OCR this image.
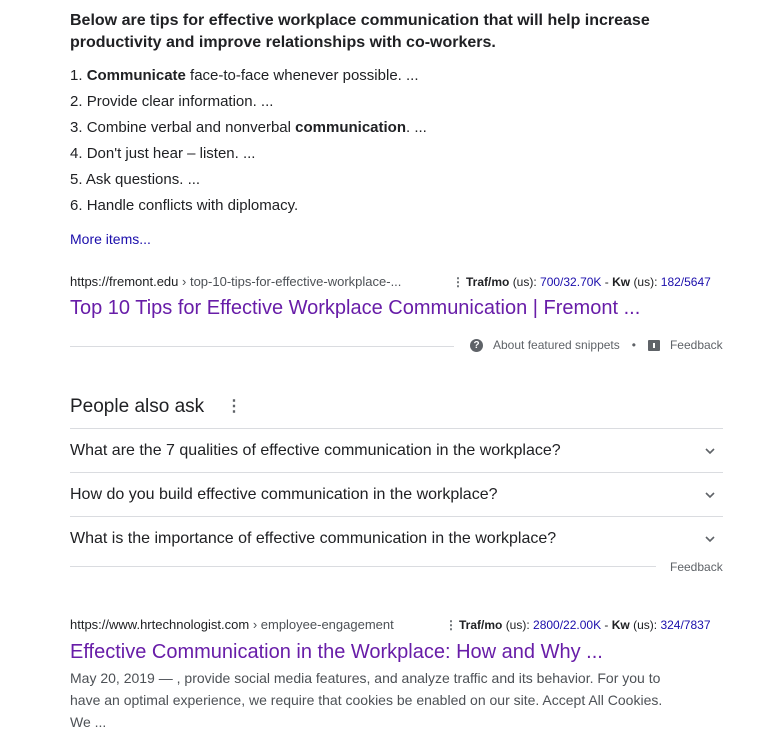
Below are tips for effective workplace communication that will help increase productivity and improve relationships with co-workers.
1. Communicate face-to-face whenever possible. ...
2. Provide clear information. ...
3. Combine verbal and nonverbal communication. ...
4. Don't just hear – listen. ...
5. Ask questions. ...
6. Handle conflicts with diplomacy.
More items...
https://fremont.edu › top-10-tips-for-effective-workplace-...	⋮ Traf/mo (us): 700/32.70K - Kw (us): 182/5647
Top 10 Tips for Effective Workplace Communication | Fremont ...
? About featured snippets •	Feedback
People also ask ⋮
What are the 7 qualities of effective communication in the workplace?
How do you build effective communication in the workplace?
What is the importance of effective communication in the workplace?
Feedback
https://www.hrtechnologist.com › employee-engagement	⋮ Traf/mo (us): 2800/22.00K - Kw (us): 324/7837
Effective Communication in the Workplace: How and Why ...
May 20, 2019 — , provide social media features, and analyze traffic and its behavior. For you to have an optimal experience, we require that cookies be enabled on our site. Accept All Cookies. We ...
